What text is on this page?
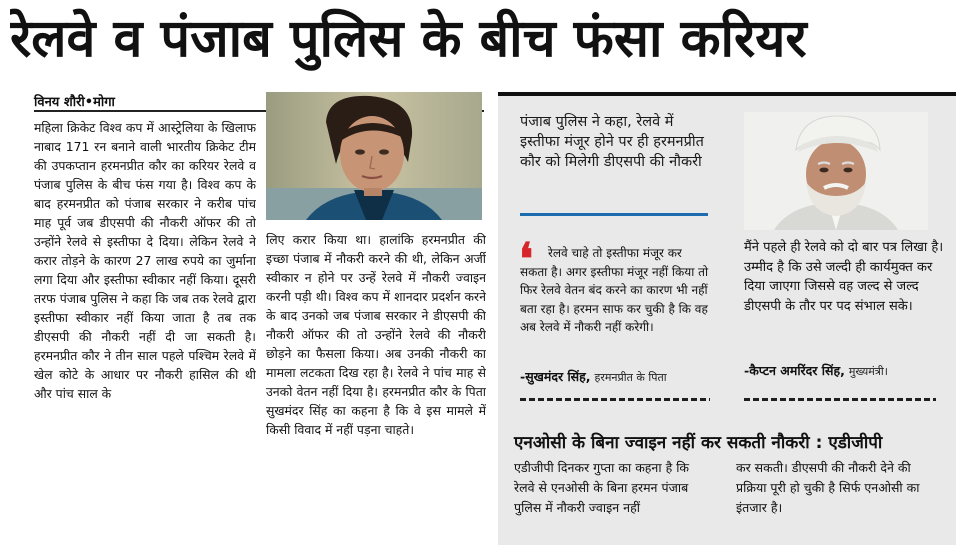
रेलवे व पंजाब पुलिस के बीच फंसा करियर
विनय शौरी•मोगा

महिला क्रिकेट विश्व कप में आस्ट्रेलिया के खिलाफ नाबाद 171 रन बनाने वाली भारतीय क्रिकेट टीम की उपकप्तान हरमनप्रीत कौर का करियर रेलवे व पंजाब पुलिस के बीच फंस गया है। विश्व कप के बाद हरमनप्रीत को पंजाब सरकार ने करीब पांच माह पूर्व जब डीएसपी की नौकरी ऑफर की तो उन्होंने रेलवे से इस्तीफा दे दिया। लेकिन रेलवे ने करार तोड़ने के कारण 27 लाख रुपये का जुर्माना लगा दिया और इस्तीफा स्वीकार नहीं किया। दूसरी तरफ पंजाब पुलिस ने कहा कि जब तक रेलवे द्वारा इस्तीफा स्वीकार नहीं किया जाता है तब तक डीएसपी की नौकरी नहीं दी जा सकती है। हरमनप्रीत कौर ने तीन साल पहले पश्चिम रेलवे में खेल कोटे के आधार पर नौकरी हासिल की थी और पांच साल के

लिए करार किया था। हालांकि हरमनप्रीत की इच्छा पंजाब में नौकरी करने की थी, लेकिन अर्जी स्वीकार न होने पर उन्हें रेलवे में नौकरी ज्वाइन करनी पड़ी थी। विश्व कप में शानदार प्रदर्शन करने के बाद उनको जब पंजाब सरकार ने डीएसपी की नौकरी ऑफर की तो उन्होंने रेलवे की नौकरी छोड़ने का फैसला किया। अब उनकी नौकरी का मामला लटकता दिख रहा है। रेलवे ने पांच माह से उनको वेतन नहीं दिया है। हरमनप्रीत कौर के पिता सुखमंदर सिंह का कहना है कि वे इस मामले में किसी विवाद में नहीं पड़ना चाहते।

पंजाब पुलिस ने कहा, रेलवे में इस्तीफा मंजूर होने पर ही हरमनप्रीत कौर को मिलेगी डीएसपी की नौकरी
❛	रेलवे चाहे तो इस्तीफा मंजूर कर सकता है। अगर इस्तीफा मंजूर नहीं किया तो फिर रेलवे वेतन बंद करने का कारण भी नहीं बता रहा है। हरमन साफ कर चुकी है कि वह अब रेलवे में नौकरी नहीं करेगी।
-सुखमंदर सिंह, हरमनप्रीत के पिता
मैंने पहले ही रेलवे को दो बार पत्र लिखा है। उम्मीद है कि उसे जल्दी ही कार्यमुक्त कर दिया जाएगा जिससे वह जल्द से जल्द डीएसपी के तौर पर पद संभाल सके।
-कैप्टन अमरिंदर सिंह, मुख्यमंत्री।
एनओसी के बिना ज्वाइन नहीं कर सकती नौकरी : एडीजीपी
एडीजीपी दिनकर गुप्ता का कहना है कि रेलवे से एनओसी के बिना हरमन पंजाब पुलिस में नौकरी ज्वाइन नहीं
कर सकती। डीएसपी की नौकरी देने की प्रक्रिया पूरी हो चुकी है सिर्फ एनओसी का इंतजार है।
